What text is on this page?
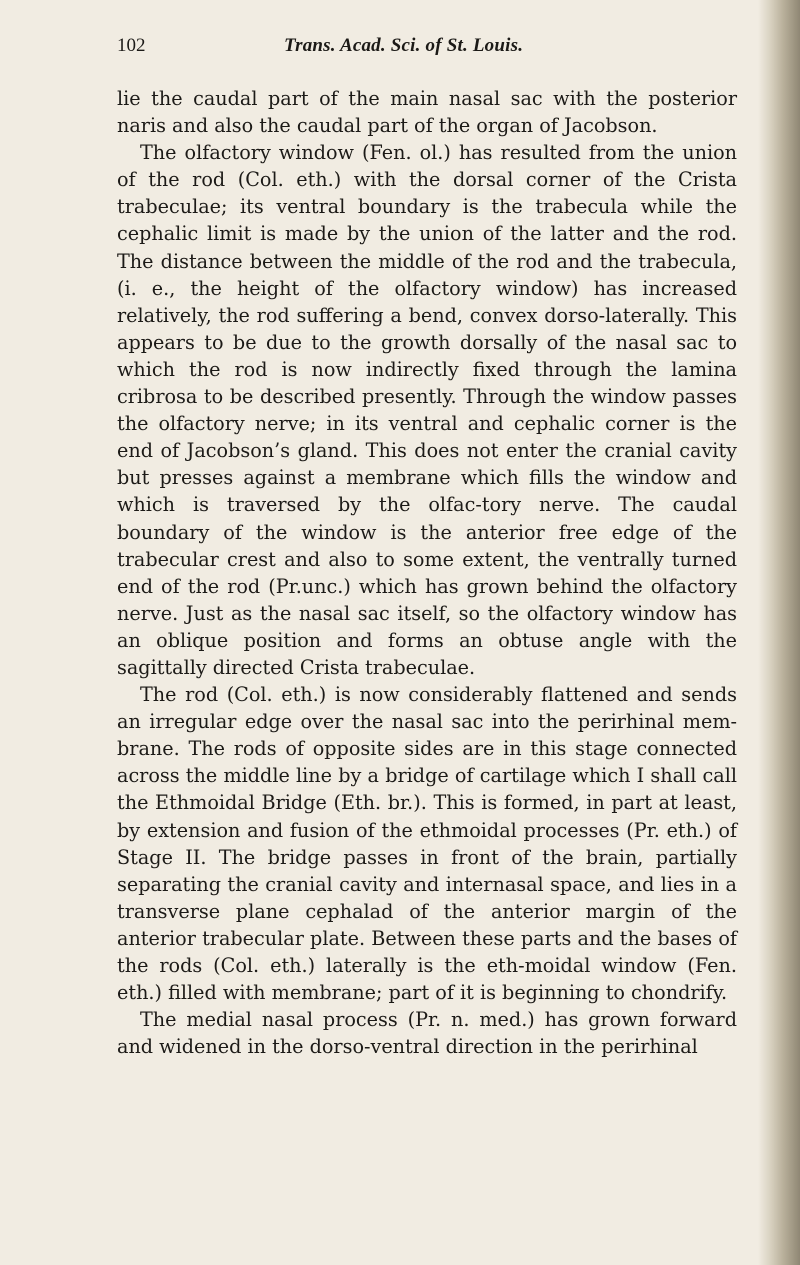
102	Trans. Acad. Sci. of St. Louis.

lie the caudal part of the main nasal sac with the posterior naris and also the caudal part of the organ of Jacobson.

The olfactory window (Fen. ol.) has resulted from the union of the rod (Col. eth.) with the dorsal corner of the Crista trabeculae; its ventral boundary is the trabecula while the cephalic limit is made by the union of the latter and the rod. The distance between the middle of the rod and the trabecula, (i. e., the height of the olfactory window) has increased relatively, the rod suffering a bend, convex dorso-laterally. This appears to be due to the growth dorsally of the nasal sac to which the rod is now indirectly fixed through the lamina cribrosa to be described presently. Through the window passes the olfactory nerve; in its ventral and cephalic corner is the end of Jacobson’s gland. This does not enter the cranial cavity but presses against a membrane which fills the window and which is traversed by the olfac-tory nerve. The caudal boundary of the window is the anterior free edge of the trabecular crest and also to some extent, the ventrally turned end of the rod (Pr.unc.) which has grown behind the olfactory nerve. Just as the nasal sac itself, so the olfactory window has an oblique position and forms an obtuse angle with the sagittally directed Crista trabeculae.

The rod (Col. eth.) is now considerably flattened and sends an irregular edge over the nasal sac into the perirhinal mem-brane. The rods of opposite sides are in this stage connected across the middle line by a bridge of cartilage which I shall call the Ethmoidal Bridge (Eth. br.). This is formed, in part at least, by extension and fusion of the ethmoidal processes (Pr. eth.) of Stage II. The bridge passes in front of the brain, partially separating the cranial cavity and internasal space, and lies in a transverse plane cephalad of the anterior margin of the anterior trabecular plate. Between these parts and the bases of the rods (Col. eth.) laterally is the eth-moidal window (Fen. eth.) filled with membrane; part of it is beginning to chondrify.

The medial nasal process (Pr. n. med.) has grown forward and widened in the dorso-ventral direction in the perirhinal
